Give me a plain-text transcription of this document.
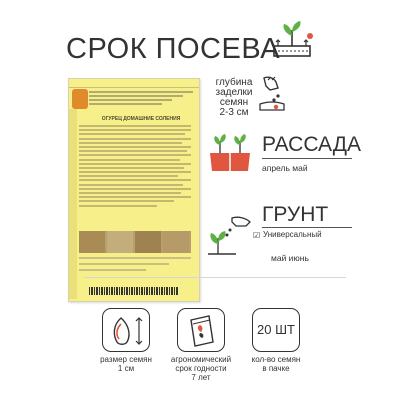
СРОК ПОСЕВА
ОГУРЕЦ ДОМАШНИЕ СОЛЕНИЯ
глубина
заделки
семян
2-3 см
РАССАДА
апрель май
ГРУНТ
☑ Универсальный
май июнь
размер семян
1 см
агрономический
срок годности
7 лет
20 ШТ
кол-во семян
в пачке
